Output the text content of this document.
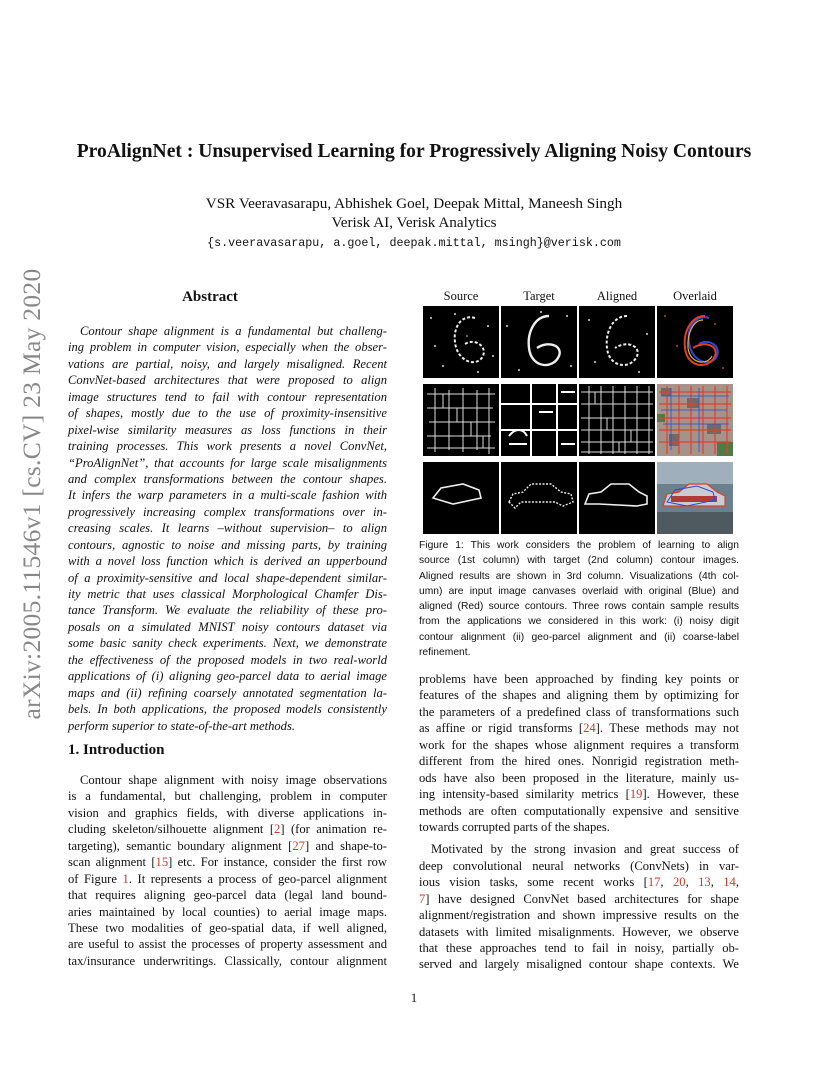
arXiv:2005.11546v1 [cs.CV] 23 May 2020
ProAlignNet : Unsupervised Learning for Progressively Aligning Noisy Contours
VSR Veeravasarapu, Abhishek Goel, Deepak Mittal, Maneesh Singh
Verisk AI, Verisk Analytics
{s.veeravasarapu, a.goel, deepak.mittal, msingh}@verisk.com
Abstract
Contour shape alignment is a fundamental but challeng-
ing problem in computer vision, especially when the obser-
vations are partial, noisy, and largely misaligned. Recent
ConvNet-based architectures that were proposed to align
image structures tend to fail with contour representation
of shapes, mostly due to the use of proximity-insensitive
pixel-wise similarity measures as loss functions in their
training processes. This work presents a novel ConvNet,
“ProAlignNet”, that accounts for large scale misalignments
and complex transformations between the contour shapes.
It infers the warp parameters in a multi-scale fashion with
progressively increasing complex transformations over in-
creasing scales. It learns –without supervision– to align
contours, agnostic to noise and missing parts, by training
with a novel loss function which is derived an upperbound
of a proximity-sensitive and local shape-dependent similar-
ity metric that uses classical Morphological Chamfer Dis-
tance Transform. We evaluate the reliability of these pro-
posals on a simulated MNIST noisy contours dataset via
some basic sanity check experiments. Next, we demonstrate
the effectiveness of the proposed models in two real-world
applications of (i) aligning geo-parcel data to aerial image
maps and (ii) refining coarsely annotated segmentation la-
bels. In both applications, the proposed models consistently
perform superior to state-of-the-art methods.
1. Introduction
Contour shape alignment with noisy image observations
is a fundamental, but challenging, problem in computer
vision and graphics fields, with diverse applications in-
cluding skeleton/silhouette alignment [2] (for animation re-
targeting), semantic boundary alignment [27] and shape-to-
scan alignment [15] etc. For instance, consider the first row
of Figure 1. It represents a process of geo-parcel alignment
that requires aligning geo-parcel data (legal land bound-
aries maintained by local counties) to aerial image maps.
These two modalities of geo-spatial data, if well aligned,
are useful to assist the processes of property assessment and
tax/insurance underwritings. Classically, contour alignment
Source	Target	Aligned	Overlaid
Figure 1: This work considers the problem of learning to align
source (1st column) with target (2nd column) contour images.
Aligned results are shown in 3rd column. Visualizations (4th col-
umn) are input image canvases overlaid with original (Blue) and
aligned (Red) source contours. Three rows contain sample results
from the applications we considered in this work: (i) noisy digit
contour alignment (ii) geo-parcel alignment and (ii) coarse-label
refinement.
problems have been approached by finding key points or
features of the shapes and aligning them by optimizing for
the parameters of a predefined class of transformations such
as affine or rigid transforms [24]. These methods may not
work for the shapes whose alignment requires a transform
different from the hired ones. Nonrigid registration meth-
ods have also been proposed in the literature, mainly us-
ing intensity-based similarity metrics [19]. However, these
methods are often computationally expensive and sensitive
towards corrupted parts of the shapes.
Motivated by the strong invasion and great success of
deep convolutional neural networks (ConvNets) in var-
ious vision tasks, some recent works [17, 20, 13, 14,
7] have designed ConvNet based architectures for shape
alignment/registration and shown impressive results on the
datasets with limited misalignments. However, we observe
that these approaches tend to fail in noisy, partially ob-
served and largely misaligned contour shape contexts. We
1
